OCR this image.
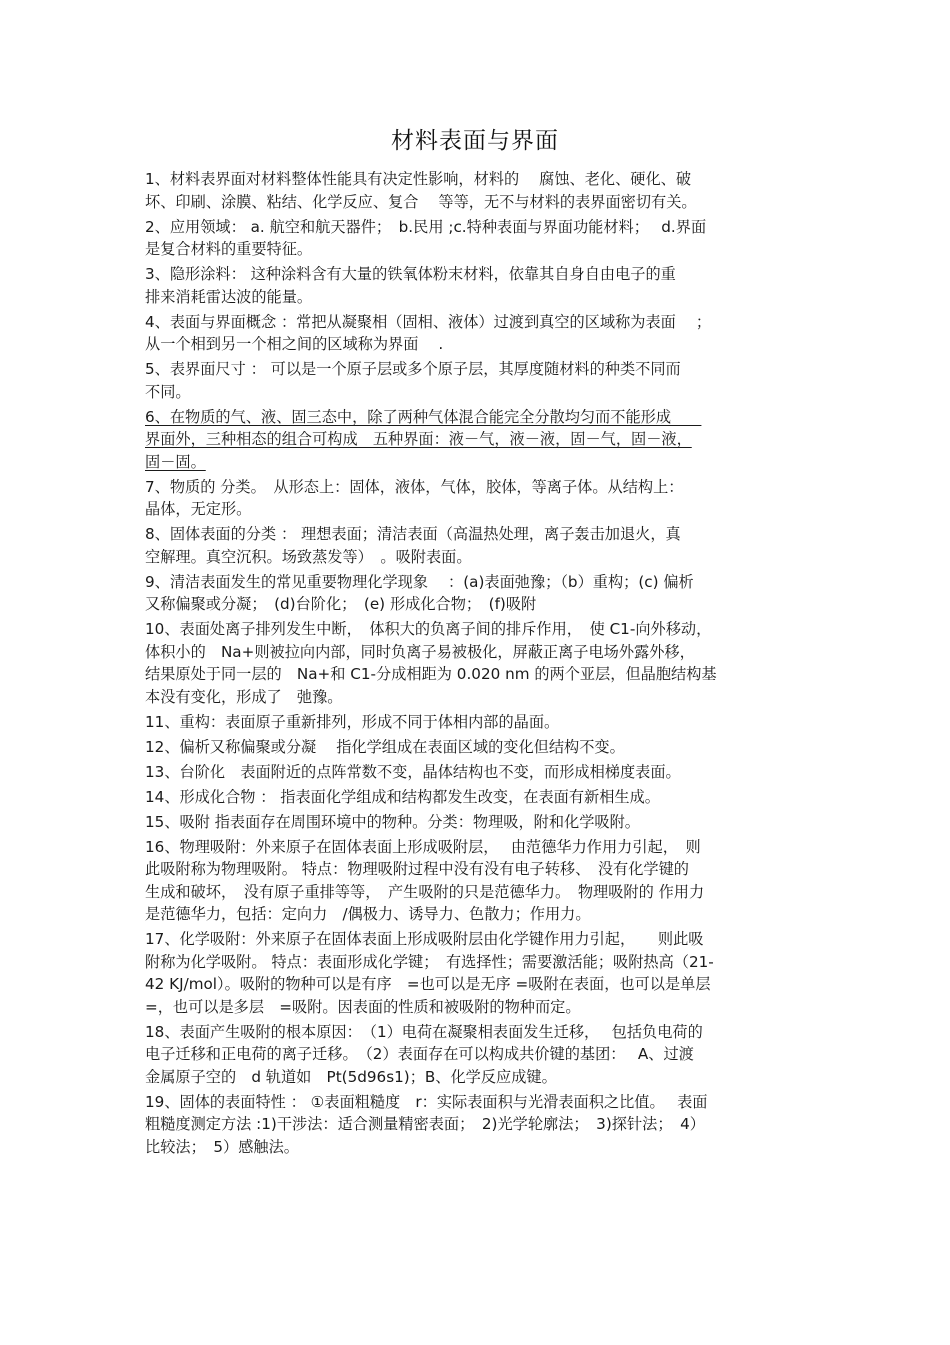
材料表面与界面
1、材料表界面对材料整体性能具有决定性影响，材料的　 腐蚀、老化、硬化、破
坏、印刷、涂膜、粘结、化学反应、复合　 等等，无不与材料的表界面密切有关。
2、应用领域： a. 航空和航天器件；　b.民用 ;c.特种表面与界面功能材料；　 d.界面
是复合材料的重要特征。
3、隐形涂料： 这种涂料含有大量的铁氧体粉末材料，依靠其自身自由电子的重
排来消耗雷达波的能量。
4、表面与界面概念 ：常把从凝聚相（固相、液体）过渡到真空的区域称为表面　 ；
从一个相到另一个相之间的区域称为界面　 .
5、表界面尺寸 ： 可以是一个原子层或多个原子层，其厚度随材料的种类不同而
不同。
6、在物质的气、液、固三态中，除了两种气体混合能完全分散均匀而不能形成　　
界面外，三种相态的组合可构成　五种界面：液－气，液－液，固－气，固－液，
固－固。
7、物质的 分类。　从形态上：固体，液体，气体，胶体，等离子体。从结构上：
晶体，无定形。
8、固体表面的分类 ： 理想表面；清洁表面（高温热处理，离子轰击加退火，真
空解理。真空沉积。场致蒸发等）　。吸附表面。
9、清洁表面发生的常见重要物理化学现象　 ：(a)表面弛豫；（b）重构；(c) 偏析
又称偏聚或分凝；　(d)台阶化；　(e) 形成化合物；　(f)吸附
10、表面处离子排列发生中断，　体积大的负离子间的排斥作用，　使 C1-向外移动，
体积小的　Na+则被拉向内部，同时负离子易被极化，屏蔽正离子电场外露外移，
结果原处于同一层的　Na+和 C1-分成相距为 0.020 nm 的两个亚层，但晶胞结构基
本没有变化，形成了　弛豫。
11、重构：表面原子重新排列，形成不同于体相内部的晶面。
12、偏析又称偏聚或分凝　 指化学组成在表面区域的变化但结构不变。
13、台阶化　表面附近的点阵常数不变，晶体结构也不变，而形成相梯度表面。
14、形成化合物 ： 指表面化学组成和结构都发生改变，在表面有新相生成。
15、吸附 指表面存在周围环境中的物种。分类：物理吸，附和化学吸附。
16、物理吸附：外来原子在固体表面上形成吸附层，　 由范德华力作用力引起，　则
此吸附称为物理吸附。 特点：物理吸附过程中没有没有电子转移、　没有化学键的
生成和破坏，　没有原子重排等等，　产生吸附的只是范德华力。　物理吸附的 作用力
是范德华力，包括：定向力　/偶极力、诱导力、色散力；作用力。
17、化学吸附：外来原子在固体表面上形成吸附层由化学键作用力引起，　　则此吸
附称为化学吸附。 特点：表面形成化学键；　有选择性；需要激活能；吸附热高（21-
42 KJ/mol）。吸附的物种可以是有序　=也可以是无序 =吸附在表面，也可以是单层
=，也可以是多层　=吸附。因表面的性质和被吸附的物种而定。
18、表面产生吸附的根本原因：　（1）电荷在凝聚相表面发生迁移，　 包括负电荷的
电子迁移和正电荷的离子迁移。　（2）表面存在可以构成共价键的基团：　 A、过渡
金属原子空的　d 轨道如　Pt(5d96s1)；B、化学反应成键。
19、固体的表面特性 ： ①表面粗糙度　r：实际表面积与光滑表面积之比值。　 表面
粗糙度测定方法 :1)干涉法：适合测量精密表面；　2)光学轮廓法；　3)探针法；　4）
比较法；　5）感触法。
